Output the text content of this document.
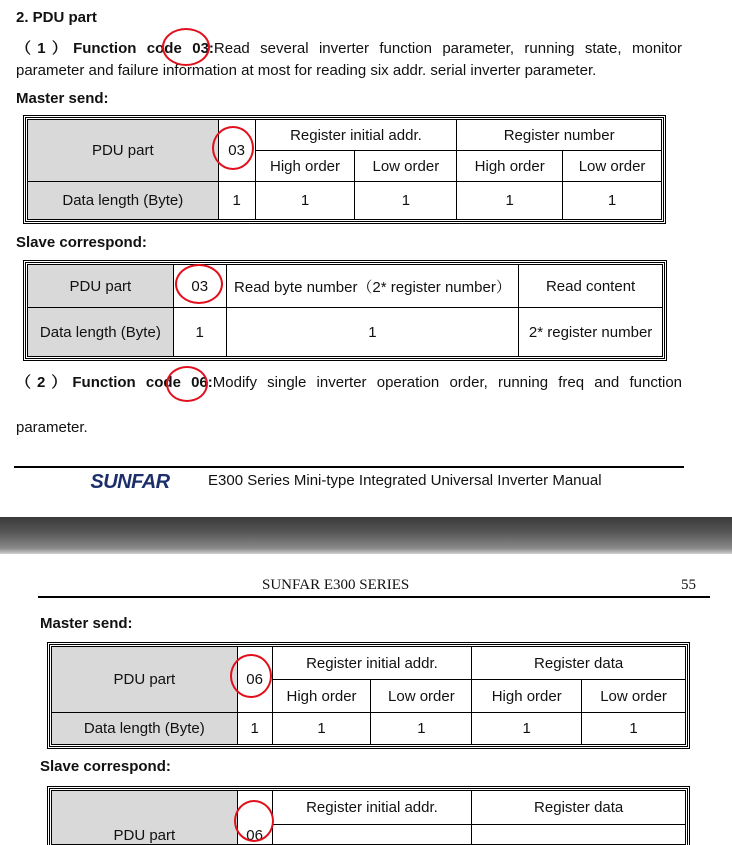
2. PDU part
（1）Function code 03:Read several inverter function parameter, running state, monitor
parameter and failure information at most for reading six addr. serial inverter parameter.
Master send:
PDU part	03	Register initial addr.		Register number	
		High order	Low order	High order	Low order
Data length (Byte)	1	1	1	1	1
Slave correspond:
PDU part	03	Read byte number（2* register number）	Read content
Data length (Byte)	1	1	2* register number
（2）Function code 06:Modify single inverter operation order, running freq and function
parameter.
SUNFAR	E300 Series Mini-type Integrated Universal Inverter Manual
SUNFAR E300 SERIES	55
Master send:
PDU part	06	Register initial addr.		Register data	
		High order	Low order	High order	Low order
Data length (Byte)	1	1	1	1	1
Slave correspond:
PDU part	06	Register initial addr.	Register data
